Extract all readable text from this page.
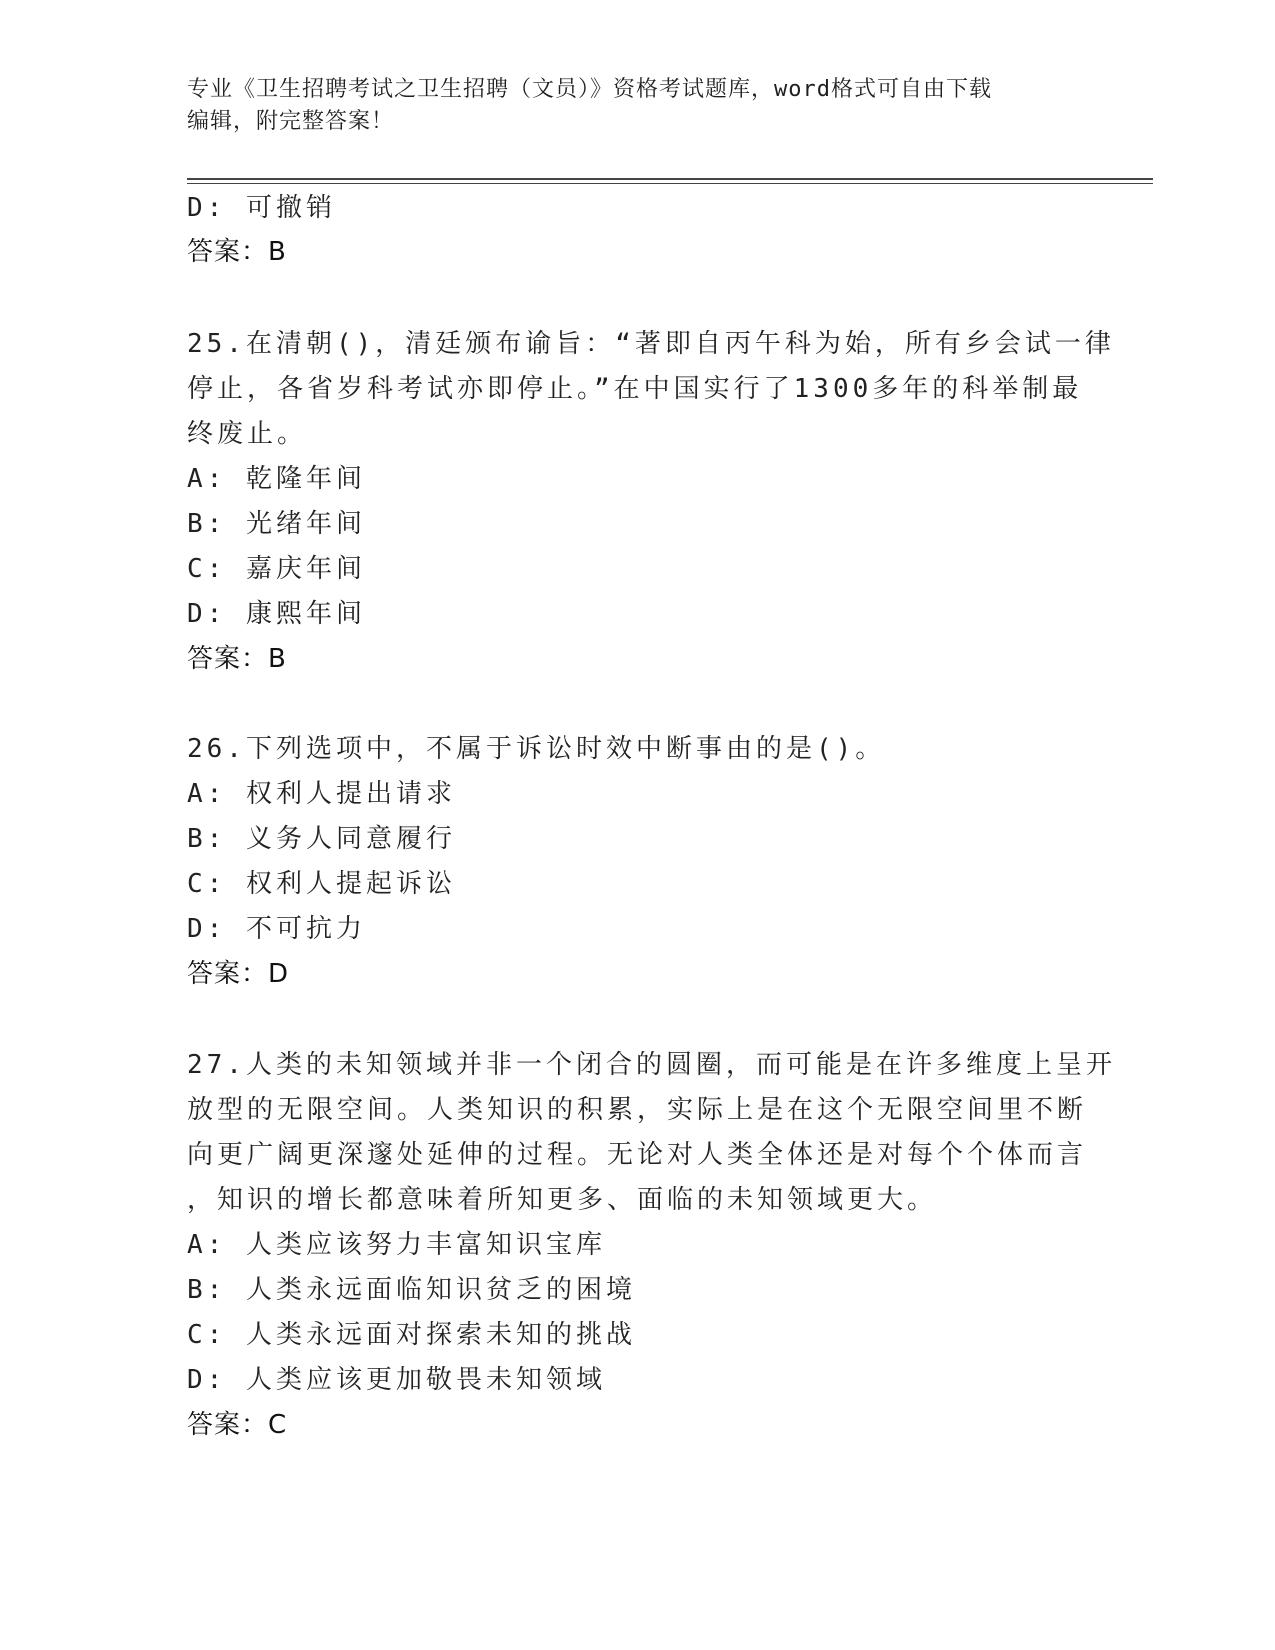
专业《卫生招聘考试之卫生招聘（文员）》资格考试题库，word格式可自由下载
编辑，附完整答案！
D: 可撤销
答案：B
25.在清朝()，清廷颁布谕旨：“著即自丙午科为始，所有乡会试一律
停止，各省岁科考试亦即停止。”在中国实行了1300多年的科举制最
终废止。
A: 乾隆年间
B: 光绪年间
C: 嘉庆年间
D: 康熙年间
答案：B
26.下列选项中，不属于诉讼时效中断事由的是()。
A: 权利人提出请求
B: 义务人同意履行
C: 权利人提起诉讼
D: 不可抗力
答案：D
27.人类的未知领域并非一个闭合的圆圈，而可能是在许多维度上呈开
放型的无限空间。人类知识的积累，实际上是在这个无限空间里不断
向更广阔更深邃处延伸的过程。无论对人类全体还是对每个个体而言
，知识的增长都意味着所知更多、面临的未知领域更大。
A: 人类应该努力丰富知识宝库
B: 人类永远面临知识贫乏的困境
C: 人类永远面对探索未知的挑战
D: 人类应该更加敬畏未知领域
答案：C
